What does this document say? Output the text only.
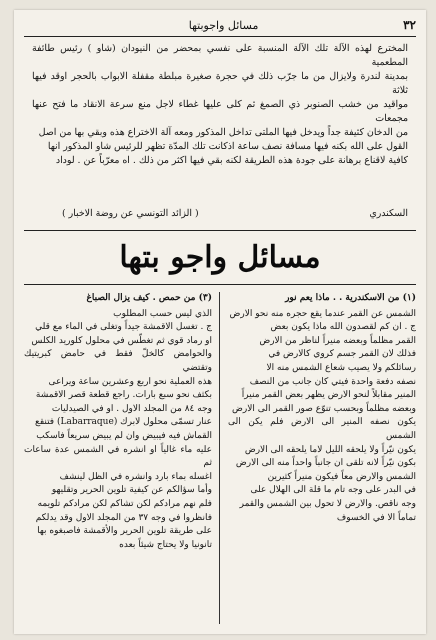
٣٢
مسائل واجوبتها

المخترع لهذه الآلة تلك الآلة المنسبة على نفسي بمحضر من النيودان (شاو ) رئيس طائفة المطعمية

بمدينة لندرة ولايزال من ما جرّب ذلك في حجرة صغيرة مبلطة مقفلة الابواب بالحجر اوقد فيها ثلاثة

مواقيد من خشب الصنوبر ذي الصمغ ثم كلى عليها غطاء لاجل منع سرعة الانقاد ما فتح عنها مجمعات

من الدخان كثيفة جداً ويدخل فيها الملتى تداخل المذكور ومعه آلة الاختراع هذه وبقي بها من اصل

القول على الله بكنه فيها مسافة نصف ساعة اذكانت تلك المدّة تظهر للرئيس شاو المذكور انها

كافية لاقناع برهانة على جودة هذه الطريقة لكنه بقي فيها اكثر من ذلك . اه معرّباً عن . لوداد

السكندري
( الزائد التونسي عن روضة الاخبار )
مسائل واجو بتها

(١) من الاسكندرية . . ماذا يعم نور

الشمس عن القمر عندما يقع حجره منه نحو الارض

ج . ان كم لقصدون الله ماذا يكون بعض

القمر مظلماً وبعضه منيراً لناظر من الارض

فذلك لان القمر جسم كروي كالارض في

رسائلكم ولا يصيب شعاع الشمس منه الا

نصفه دفعة واحدة فيتي كان جانب من النصف

المنير مقابلاً لنحو الارض يظهر بعض القمر منيراً

وبعضه مظلماً وبحسب تنوّع صور القمر الى الارض

يكون نصفه المنير الى الارض فلم يكن الى الشمس

يكون نيّراً ولا يلحقه الليل لاما يلحقه الى الارض

بكون نيّراً لانه تلقى ان جانباً واحداً منه الى الارض

الشمس والارض معاً فيكون منيراً كثيرين

في البدر على وجه تام ما قلة الى الهلال على

وجه ناقص. والارض لا تحول بين الشمس والقمر

تماماً الا في الخسوف

(٣) من حمص . كيف يزال الصباغ

الذي ليس حسب المطلوب

ج . تغسل الاقمشة جيداً وتغلى في الماء مع قلي

او رماد قوي ثم تغطّس في محلول كلوريد الكلس

والحوامض كالخلّ فقط في حامض كبريتيك وتقتضي

هذه العملية نحو اربع وعشرين ساعة ويراعى

بكثف نحو سبع بارات. راجع قطعة قصر الاقمشة

وجه ٨٤ من المجلد الاول . او في الصيدليات

عنار تسمّى محلول لابرك (Labarraque) فتنقع

القماش فيه فيبيض وان لم يبيض سريعاً فاسكب

عليه ماء غالياً او انشره في الشمس عدة ساعات ثم

اغسله بماء بارد وانشره في الظل لينشف

وأما سؤالكم عن كيفية تلوين الحرير وتقليهو

فلم نهم مرادكم لكن تشاكم لكن مرادكم تلويمه

فانظروا في وجه ٣٧ من المجلد الاول وقد يدلكم

على طريقة تلوين الحرير والأقمشة فاصبغوه بها

تانونيا ولا يحتاج شيئاً بعده
